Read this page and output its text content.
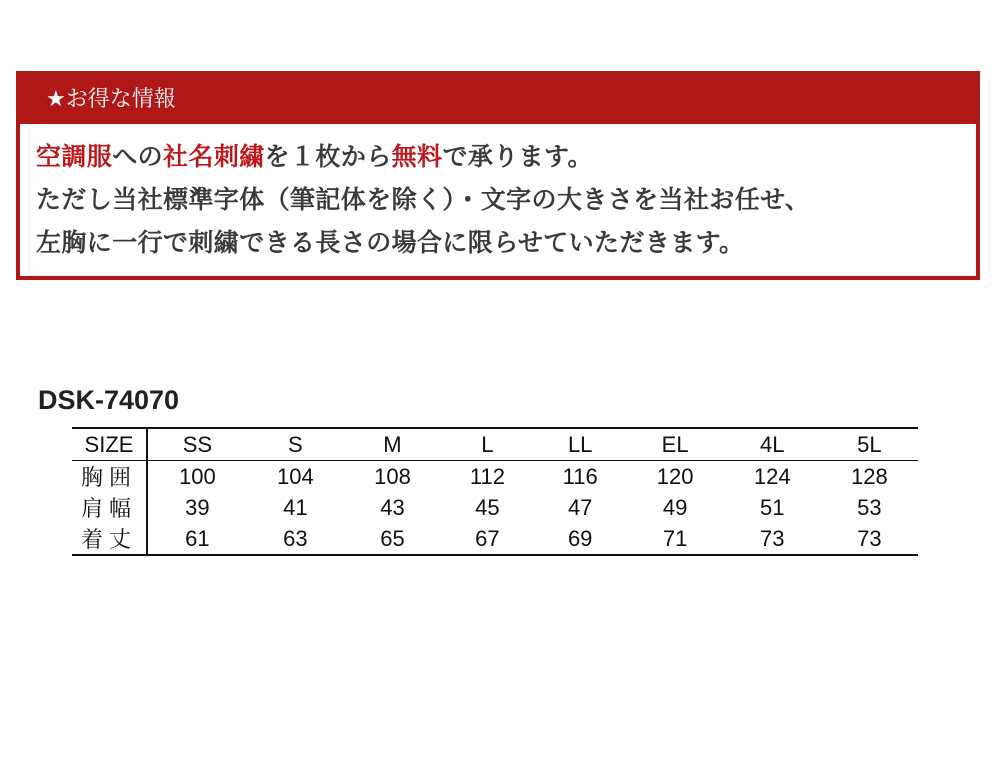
★お得な情報
空調服への社名刺繍を１枚から無料で承ります。
ただし当社標準字体（筆記体を除く）・文字の大きさを当社お任せ、
左胸に一行で刺繍できる長さの場合に限らせていただきます。
DSK-74070
SIZE	SS	S	M	L	LL	EL	4L	5L
胸囲	100	104	108	112	116	120	124	128
肩幅	39	41	43	45	47	49	51	53
着丈	61	63	65	67	69	71	73	73
